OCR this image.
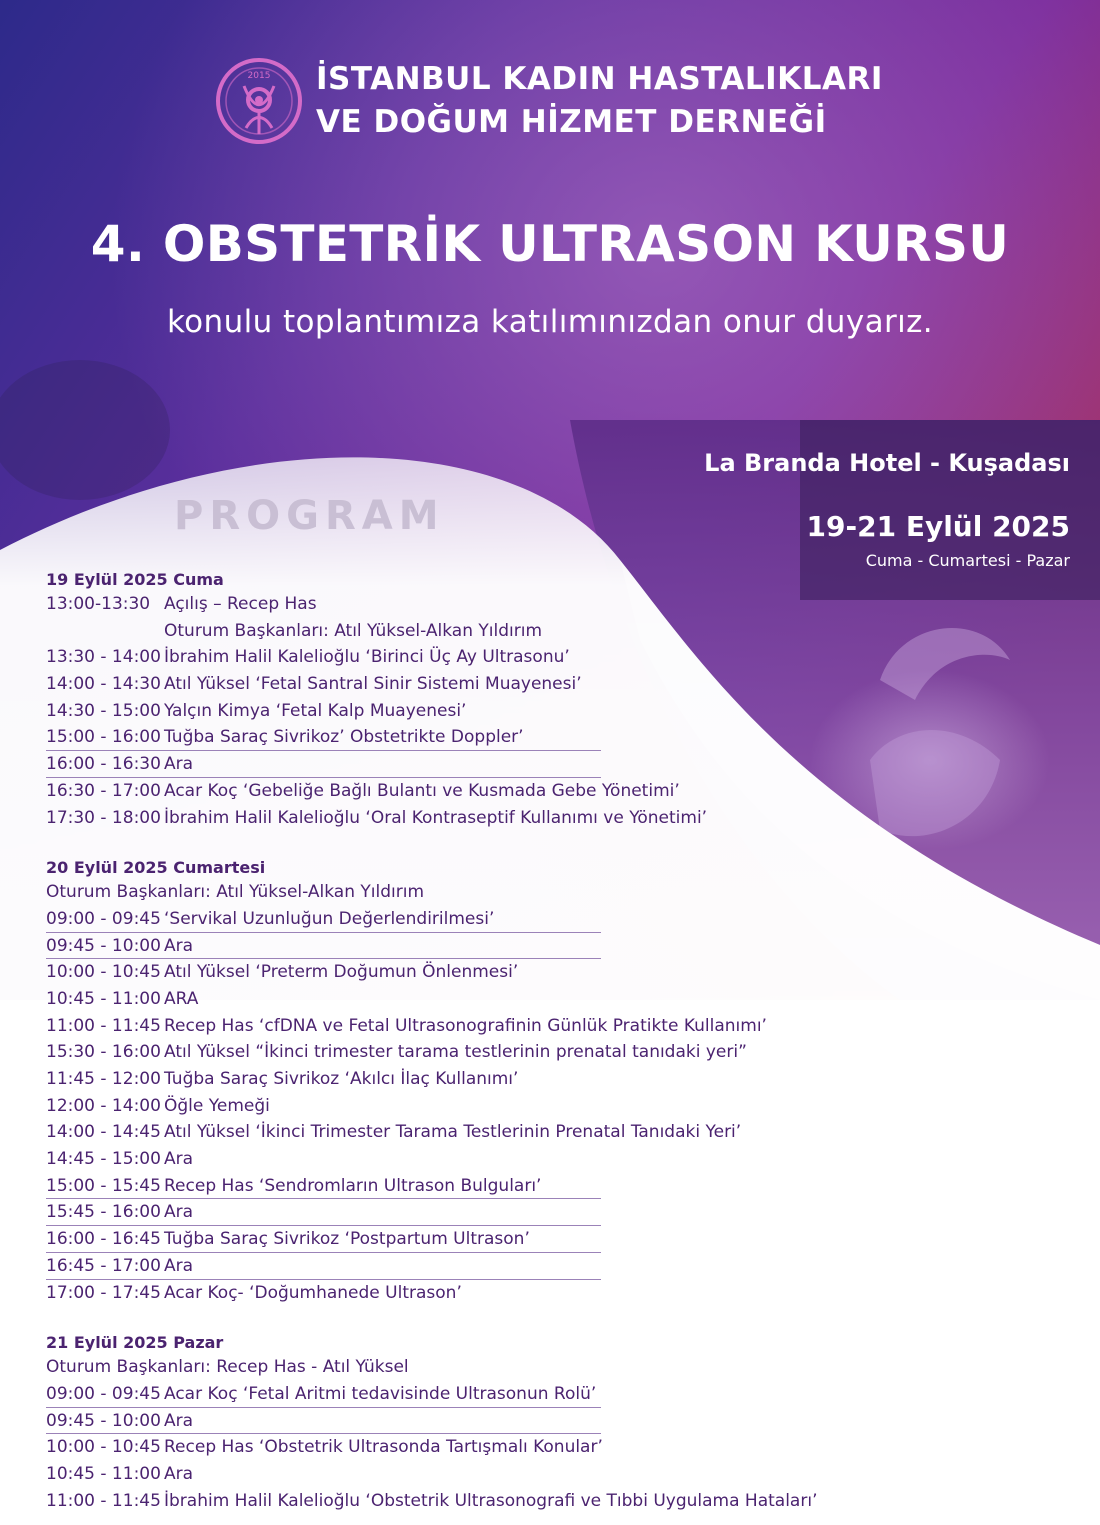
2015 İSTANBUL KADIN HASTALIKLARI
VE DOĞUM HİZMET DERNEĞİ
4. OBSTETRİK ULTRASON KURSU
konulu toplantımıza katılımınızdan onur duyarız.
La Branda Hotel - Kuşadası
19-21 Eylül 2025
Cuma - Cumartesi - Pazar
PROGRAM
19 Eylül 2025 Cuma
13:00-13:30 Açılış – Recep Has
Oturum Başkanları: Atıl Yüksel-Alkan Yıldırım
13:30 - 14:00 İbrahim Halil Kalelioğlu ‘Birinci Üç Ay Ultrasonu’
14:00 - 14:30 Atıl Yüksel ‘Fetal Santral Sinir Sistemi Muayenesi’
14:30 - 15:00 Yalçın Kimya ‘Fetal Kalp Muayenesi’
15:00 - 16:00 Tuğba Saraç Sivrikoz’ Obstetrikte Doppler’
16:00 - 16:30 Ara
16:30 - 17:00 Acar Koç ‘Gebeliğe Bağlı Bulantı ve Kusmada Gebe Yönetimi’
17:30 - 18:00 İbrahim Halil Kalelioğlu ‘Oral Kontraseptif Kullanımı ve Yönetimi’
20 Eylül 2025 Cumartesi
Oturum Başkanları: Atıl Yüksel-Alkan Yıldırım
09:00 - 09:45 ‘Servikal Uzunluğun Değerlendirilmesi’
09:45 - 10:00 Ara
10:00 - 10:45 Atıl Yüksel ‘Preterm Doğumun Önlenmesi’
10:45 - 11:00 ARA
11:00 - 11:45 Recep Has ‘cfDNA ve Fetal Ultrasonografinin Günlük Pratikte Kullanımı’
15:30 - 16:00 Atıl Yüksel “İkinci trimester tarama testlerinin prenatal tanıdaki yeri”
11:45 - 12:00 Tuğba Saraç Sivrikoz ‘Akılcı İlaç Kullanımı’
12:00 - 14:00 Öğle Yemeği
14:00 - 14:45 Atıl Yüksel ‘İkinci Trimester Tarama Testlerinin Prenatal Tanıdaki Yeri’
14:45 - 15:00 Ara
15:00 - 15:45 Recep Has ‘Sendromların Ultrason Bulguları’
15:45 - 16:00 Ara
16:00 - 16:45 Tuğba Saraç Sivrikoz ‘Postpartum Ultrason’
16:45 - 17:00 Ara
17:00 - 17:45 Acar Koç- ‘Doğumhanede Ultrason’
21 Eylül 2025 Pazar
Oturum Başkanları: Recep Has - Atıl Yüksel
09:00 - 09:45 Acar Koç ‘Fetal Aritmi tedavisinde Ultrasonun Rolü’
09:45 - 10:00 Ara
10:00 - 10:45 Recep Has ‘Obstetrik Ultrasonda Tartışmalı Konular’
10:45 - 11:00 Ara
11:00 - 11:45 İbrahim Halil Kalelioğlu ‘Obstetrik Ultrasonografi ve Tıbbi Uygulama Hataları’
